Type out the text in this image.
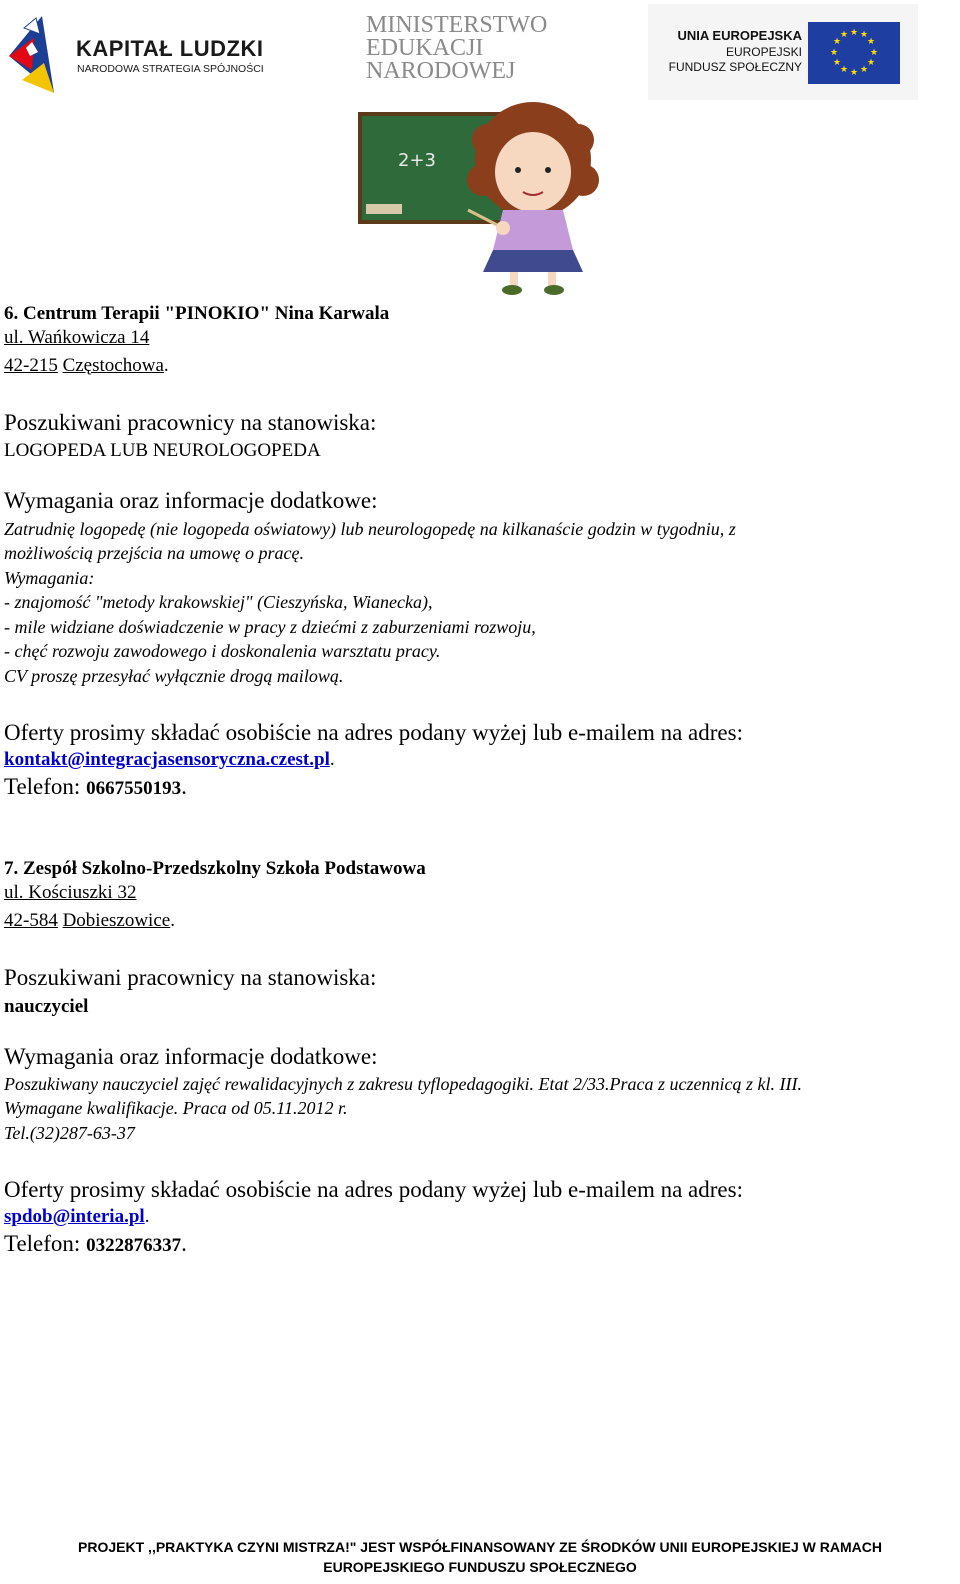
KAPITAŁ LUDZKI
NARODOWA STRATEGIA SPÓJNOŚCI
MINISTERSTWO
EDUKACJI
NARODOWEJ
UNIA EUROPEJSKA
EUROPEJSKI
FUNDUSZ SPOŁECZNY
★ ★
★
★
★
★
★
★
★
★
★
★
2+3
6. Centrum Terapii "PINOKIO" Nina Karwala
ul. Wańkowicza 14
42-215 Częstochowa.
Poszukiwani pracownicy na stanowiska:
LOGOPEDA LUB NEUROLOGOPEDA
Wymagania oraz informacje dodatkowe:
Zatrudnię logopedę (nie logopeda oświatowy) lub neurologopedę na kilkanaście godzin w tygodniu, z
możliwością przejścia na umowę o pracę.
Wymagania:
- znajomość "metody krakowskiej" (Cieszyńska, Wianecka),
- mile widziane doświadczenie w pracy z dziećmi z zaburzeniami rozwoju,
- chęć rozwoju zawodowego i doskonalenia warsztatu pracy.
CV proszę przesyłać wyłącznie drogą mailową.
Oferty prosimy składać osobiście na adres podany wyżej lub e-mailem na adres:
kontakt@integracjasensoryczna.czest.pl.
Telefon: 0667550193.
7. Zespół Szkolno-Przedszkolny Szkoła Podstawowa
ul. Kościuszki 32
42-584 Dobieszowice.
Poszukiwani pracownicy na stanowiska:
nauczyciel
Wymagania oraz informacje dodatkowe:
Poszukiwany nauczyciel zajęć rewalidacyjnych z zakresu tyflopedagogiki. Etat 2/33.Praca z uczennicą z kl. III.
Wymagane kwalifikacje. Praca od 05.11.2012 r.
Tel.(32)287-63-37
Oferty prosimy składać osobiście na adres podany wyżej lub e-mailem na adres:
spdob@interia.pl.
Telefon: 0322876337.
PROJEKT ,,PRAKTYKA CZYNI MISTRZA!" JEST WSPÓŁFINANSOWANY ZE ŚRODKÓW UNII EUROPEJSKIEJ W RAMACH
EUROPEJSKIEGO FUNDUSZU SPOŁECZNEGO
